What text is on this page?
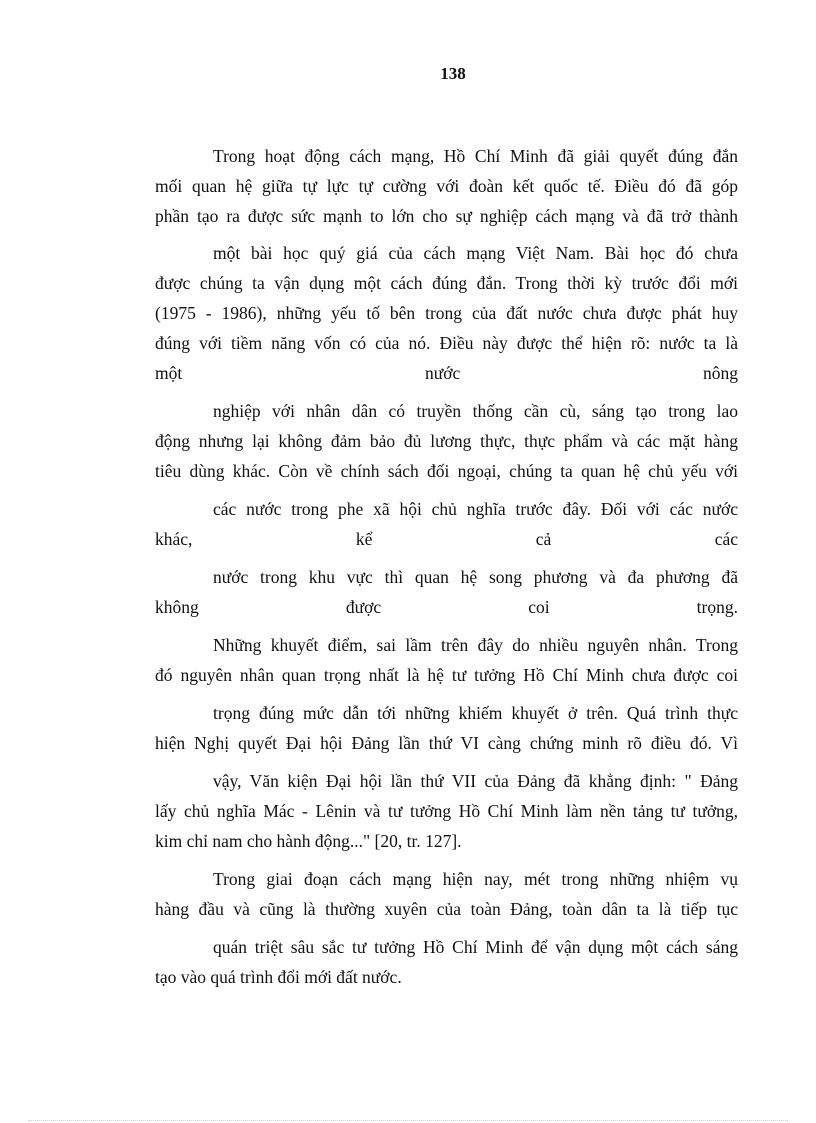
138
Trong hoạt động cách mạng, Hồ Chí Minh đã giải quyết đúng đắn
mối quan hệ giữa tự lực tự cường với đoàn kết quốc tế. Điều đó đã góp
phần tạo ra được sức mạnh to lớn cho sự nghiệp cách mạng và đã trở thành
một bài học quý giá của cách mạng Việt Nam. Bài học đó chưa
được chúng ta vận dụng một cách đúng đắn. Trong thời kỳ trước đổi mới
(1975 - 1986), những yếu tố bên trong của đất nước chưa được phát huy
đúng với tiềm năng vốn có của nó. Điều này được thể hiện rõ: nước ta là
một nước nông
nghiệp với nhân dân có truyền thống cần cù, sáng tạo trong lao
động nhưng lại không đảm bảo đủ lương thực, thực phẩm và các mặt hàng
tiêu dùng khác. Còn về chính sách đối ngoại, chúng ta quan hệ chủ yếu với
các nước trong phe xã hội chủ nghĩa trước đây. Đối với các nước
khác, kể cả các
nước trong khu vực thì quan hệ song phương và đa phương đã
không được coi trọng.
Những khuyết điểm, sai lầm trên đây do nhiều nguyên nhân. Trong
đó nguyên nhân quan trọng nhất là hệ tư tưởng Hồ Chí Minh chưa được coi
trọng đúng mức dẫn tới những khiếm khuyết ở trên. Quá trình thực
hiện Nghị quyết Đại hội Đảng lần thứ VI càng chứng minh rõ điều đó. Vì
vậy, Văn kiện Đại hội lần thứ VII của Đảng đã khẳng định: " Đảng
lấy chủ nghĩa Mác - Lênin và tư tưởng Hồ Chí Minh làm nền tảng tư tưởng,
kim chỉ nam cho hành động..." [20, tr. 127].
Trong giai đoạn cách mạng hiện nay, mét trong những nhiệm vụ
hàng đầu và cũng là thường xuyên của toàn Đảng, toàn dân ta là tiếp tục
quán triệt sâu sắc tư tưởng Hồ Chí Minh để vận dụng một cách sáng
tạo vào quá trình đổi mới đất nước.
